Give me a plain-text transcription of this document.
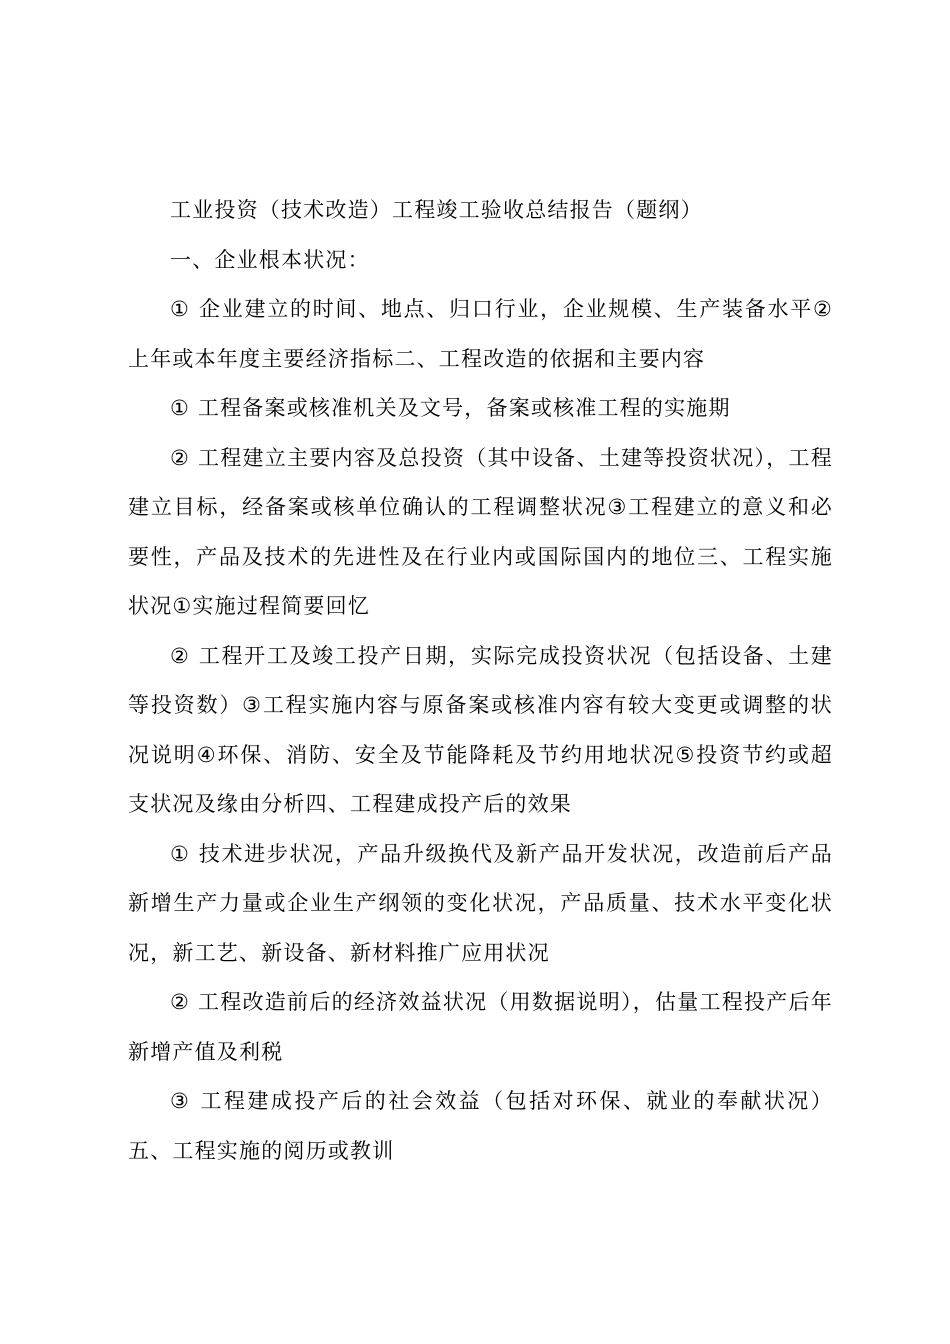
工业投资（技术改造）工程竣工验收总结报告（题纲）

一、企业根本状况：

① 企业建立的时间、地点、归口行业，企业规模、生产装备水平②上年或本年度主要经济指标二、工程改造的依据和主要内容

① 工程备案或核准机关及文号，备案或核准工程的实施期

② 工程建立主要内容及总投资（其中设备、土建等投资状况），工程建立目标，经备案或核单位确认的工程调整状况③工程建立的意义和必要性，产品及技术的先进性及在行业内或国际国内的地位三、工程实施状况①实施过程简要回忆

② 工程开工及竣工投产日期，实际完成投资状况（包括设备、土建等投资数）③工程实施内容与原备案或核准内容有较大变更或调整的状况说明④环保、消防、安全及节能降耗及节约用地状况⑤投资节约或超支状况及缘由分析四、工程建成投产后的效果

① 技术进步状况，产品升级换代及新产品开发状况，改造前后产品新增生产力量或企业生产纲领的变化状况，产品质量、技术水平变化状况，新工艺、新设备、新材料推广应用状况

② 工程改造前后的经济效益状况（用数据说明），估量工程投产后年新增产值及利税

③ 工程建成投产后的社会效益（包括对环保、就业的奉献状况）五、工程实施的阅历或教训
